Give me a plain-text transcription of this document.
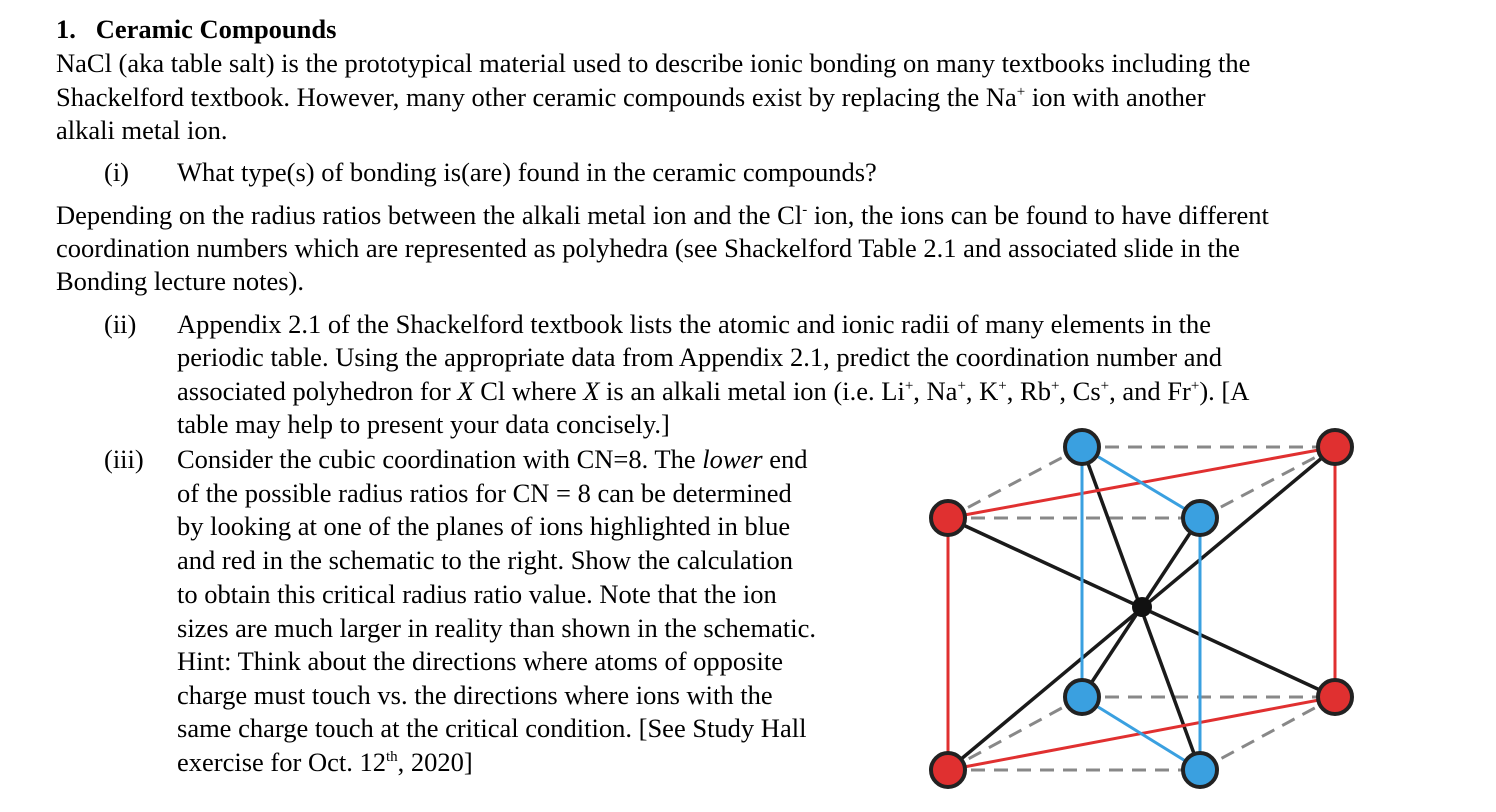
1. Ceramic Compounds
NaCl (aka table salt) is the prototypical material used to describe ionic bonding on many textbooks including the
Shackelford textbook. However, many other ceramic compounds exist by replacing the Na+ ion with another
alkali metal ion.
(i) What type(s) of bonding is(are) found in the ceramic compounds?
Depending on the radius ratios between the alkali metal ion and the Cl- ion, the ions can be found to have different
coordination numbers which are represented as polyhedra (see Shackelford Table 2.1 and associated slide in the
Bonding lecture notes).
(ii) Appendix 2.1 of the Shackelford textbook lists the atomic and ionic radii of many elements in the
periodic table. Using the appropriate data from Appendix 2.1, predict the coordination number and
associated polyhedron for X Cl where X is an alkali metal ion (i.e. Li+, Na+, K+, Rb+, Cs+, and Fr+). [A
table may help to present your data concisely.]
(iii) Consider the cubic coordination with CN=8. The lower end
of the possible radius ratios for CN = 8 can be determined
by looking at one of the planes of ions highlighted in blue
and red in the schematic to the right. Show the calculation
to obtain this critical radius ratio value. Note that the ion
sizes are much larger in reality than shown in the schematic.
Hint: Think about the directions where atoms of opposite
charge must touch vs. the directions where ions with the
same charge touch at the critical condition. [See Study Hall
exercise for Oct. 12th, 2020]
